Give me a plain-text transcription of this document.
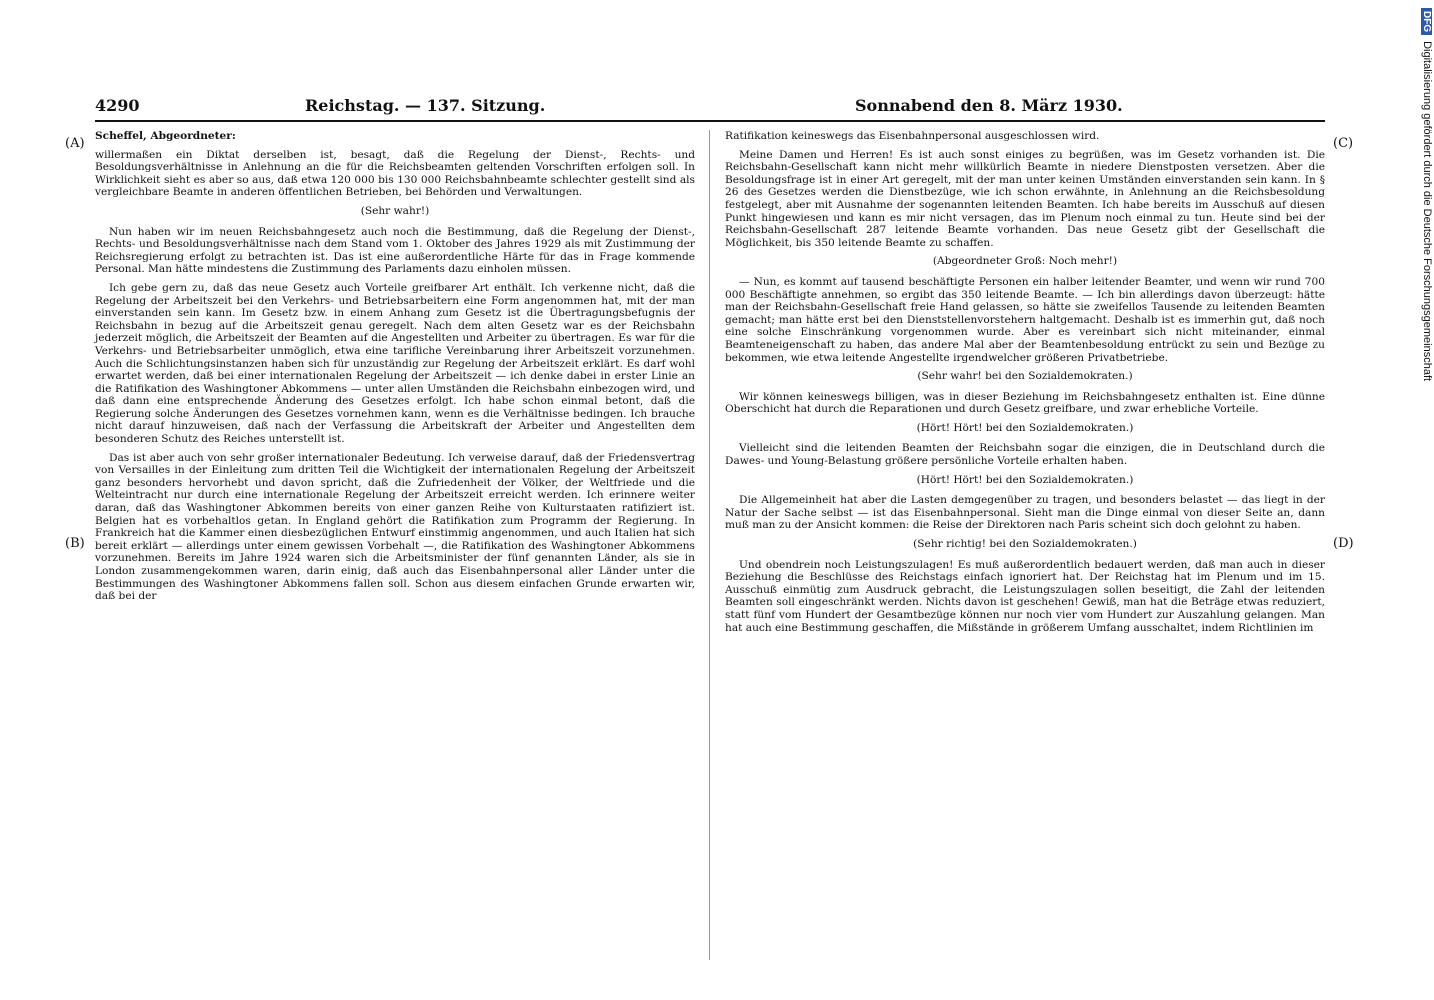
4290	Reichstag. — 137. Sitzung.	Sonnabend den 8. März 1930.
(A)
(B)
(C)
(D)

Scheffel, Abgeordneter:

willermaßen ein Diktat derselben ist, besagt, daß die Regelung der Dienst-, Rechts- und Besoldungsverhältnisse in Anlehnung an die für die Reichsbeamten geltenden Vorschriften erfolgen soll. In Wirklichkeit sieht es aber so aus, daß etwa 120 000 bis 130 000 Reichsbahnbeamte schlechter gestellt sind als vergleichbare Beamte in anderen öffentlichen Betrieben, bei Behörden und Verwaltungen.

(Sehr wahr!)

Nun haben wir im neuen Reichsbahngesetz auch noch die Bestimmung, daß die Regelung der Dienst-, Rechts- und Besoldungsverhältnisse nach dem Stand vom 1. Oktober des Jahres 1929 als mit Zustimmung der Reichsregierung erfolgt zu betrachten ist. Das ist eine außerordentliche Härte für das in Frage kommende Personal. Man hätte mindestens die Zustimmung des Parlaments dazu einholen müssen.

Ich gebe gern zu, daß das neue Gesetz auch Vorteile greifbarer Art enthält. Ich verkenne nicht, daß die Regelung der Arbeitszeit bei den Verkehrs- und Betriebsarbeitern eine Form angenommen hat, mit der man einverstanden sein kann. Im Gesetz bzw. in einem Anhang zum Gesetz ist die Übertragungsbefugnis der Reichsbahn in bezug auf die Arbeitszeit genau geregelt. Nach dem alten Gesetz war es der Reichsbahn jederzeit möglich, die Arbeitszeit der Beamten auf die Angestellten und Arbeiter zu übertragen. Es war für die Verkehrs- und Betriebsarbeiter unmöglich, etwa eine tarifliche Vereinbarung ihrer Arbeitszeit vorzunehmen. Auch die Schlichtungsinstanzen haben sich für unzuständig zur Regelung der Arbeitszeit erklärt. Es darf wohl erwartet werden, daß bei einer internationalen Regelung der Arbeitszeit — ich denke dabei in erster Linie an die Ratifikation des Washingtoner Abkommens — unter allen Umständen die Reichsbahn einbezogen wird, und daß dann eine entsprechende Änderung des Gesetzes erfolgt. Ich habe schon einmal betont, daß die Regierung solche Änderungen des Gesetzes vornehmen kann, wenn es die Verhältnisse bedingen. Ich brauche nicht darauf hinzuweisen, daß nach der Verfassung die Arbeitskraft der Arbeiter und Angestellten dem besonderen Schutz des Reiches unterstellt ist.

Das ist aber auch von sehr großer internationaler Bedeutung. Ich verweise darauf, daß der Friedensvertrag von Versailles in der Einleitung zum dritten Teil die Wichtigkeit der internationalen Regelung der Arbeitszeit ganz besonders hervorhebt und davon spricht, daß die Zufriedenheit der Völker, der Weltfriede und die Welteintracht nur durch eine internationale Regelung der Arbeitszeit erreicht werden. Ich erinnere weiter daran, daß das Washingtoner Abkommen bereits von einer ganzen Reihe von Kulturstaaten ratifiziert ist. Belgien hat es vorbehaltlos getan. In England gehört die Ratifikation zum Programm der Regierung. In Frankreich hat die Kammer einen diesbezüglichen Entwurf einstimmig angenommen, und auch Italien hat sich bereit erklärt — allerdings unter einem gewissen Vorbehalt —, die Ratifikation des Washingtoner Abkommens vorzunehmen. Bereits im Jahre 1924 waren sich die Arbeitsminister der fünf genannten Länder, als sie in London zusammengekommen waren, darin einig, daß auch das Eisenbahnpersonal aller Länder unter die Bestimmungen des Washingtoner Abkommens fallen soll. Schon aus diesem einfachen Grunde erwarten wir, daß bei der

Ratifikation keineswegs das Eisenbahnpersonal ausgeschlossen wird.

Meine Damen und Herren! Es ist auch sonst einiges zu begrüßen, was im Gesetz vorhanden ist. Die Reichsbahn-Gesellschaft kann nicht mehr willkürlich Beamte in niedere Dienstposten versetzen. Aber die Besoldungsfrage ist in einer Art geregelt, mit der man unter keinen Umständen einverstanden sein kann. In § 26 des Gesetzes werden die Dienstbezüge, wie ich schon erwähnte, in Anlehnung an die Reichsbesoldung festgelegt, aber mit Ausnahme der sogenannten leitenden Beamten. Ich habe bereits im Ausschuß auf diesen Punkt hingewiesen und kann es mir nicht versagen, das im Plenum noch einmal zu tun. Heute sind bei der Reichsbahn-Gesellschaft 287 leitende Beamte vorhanden. Das neue Gesetz gibt der Gesellschaft die Möglichkeit, bis 350 leitende Beamte zu schaffen.

(Abgeordneter Groß: Noch mehr!)

— Nun, es kommt auf tausend beschäftigte Personen ein halber leitender Beamter, und wenn wir rund 700 000 Beschäftigte annehmen, so ergibt das 350 leitende Beamte. — Ich bin allerdings davon überzeugt: hätte man der Reichsbahn-Gesellschaft freie Hand gelassen, so hätte sie zweifellos Tausende zu leitenden Beamten gemacht; man hätte erst bei den Dienststellenvorstehern haltgemacht. Deshalb ist es immerhin gut, daß noch eine solche Einschränkung vorgenommen wurde. Aber es vereinbart sich nicht miteinander, einmal Beamteneigenschaft zu haben, das andere Mal aber der Beamtenbesoldung entrückt zu sein und Bezüge zu bekommen, wie etwa leitende Angestellte irgendwelcher größeren Privatbetriebe.

(Sehr wahr! bei den Sozialdemokraten.)

Wir können keineswegs billigen, was in dieser Beziehung im Reichsbahngesetz enthalten ist. Eine dünne Oberschicht hat durch die Reparationen und durch Gesetz greifbare, und zwar erhebliche Vorteile.

(Hört! Hört! bei den Sozialdemokraten.)

Vielleicht sind die leitenden Beamten der Reichsbahn sogar die einzigen, die in Deutschland durch die Dawes- und Young-Belastung größere persönliche Vorteile erhalten haben.

(Hört! Hört! bei den Sozialdemokraten.)

Die Allgemeinheit hat aber die Lasten demgegenüber zu tragen, und besonders belastet — das liegt in der Natur der Sache selbst — ist das Eisenbahnpersonal. Sieht man die Dinge einmal von dieser Seite an, dann muß man zu der Ansicht kommen: die Reise der Direktoren nach Paris scheint sich doch gelohnt zu haben.

(Sehr richtig! bei den Sozialdemokraten.)

Und obendrein noch Leistungszulagen! Es muß außerordentlich bedauert werden, daß man auch in dieser Beziehung die Beschlüsse des Reichstags einfach ignoriert hat. Der Reichstag hat im Plenum und im 15. Ausschuß einmütig zum Ausdruck gebracht, die Leistungszulagen sollen beseitigt, die Zahl der leitenden Beamten soll eingeschränkt werden. Nichts davon ist geschehen! Gewiß, man hat die Beträge etwas reduziert, statt fünf vom Hundert der Gesamtbezüge können nur noch vier vom Hundert zur Auszahlung gelangen. Man hat auch eine Bestimmung geschaffen, die Mißstände in größerem Umfang ausschaltet, indem Richtlinien im

DFGDigitalisierung gefördert durch die Deutsche Forschungsgemeinschaft
